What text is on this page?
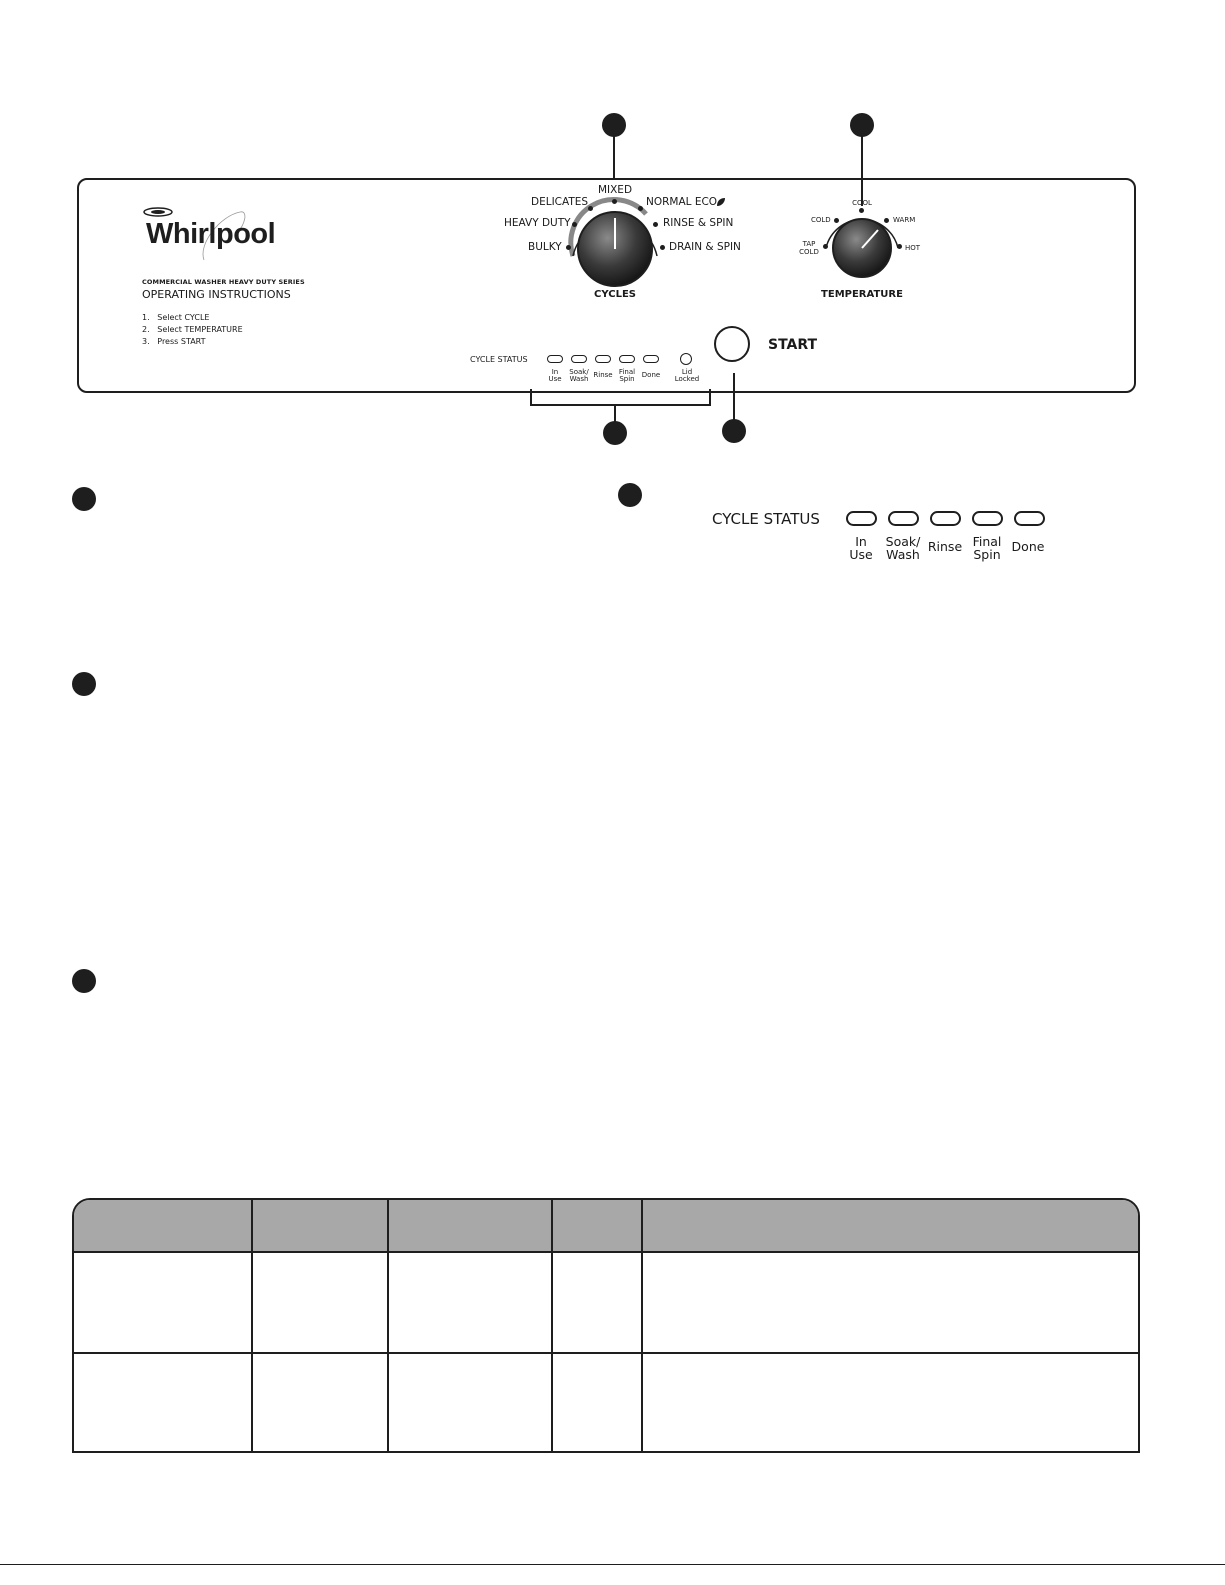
Whirlpool
COMMERCIAL WASHER HEAVY DUTY SERIES
OPERATING INSTRUCTIONS
1.   Select CYCLE
2.   Select TEMPERATURE
3.   Press START
MIXED
DELICATES	NORMAL ECO
HEAVY DUTY	RINSE & SPIN
BULKY	DRAIN & SPIN
CYCLES
COOL
COLD	WARM
TAP
COLD	HOT
TEMPERATURE
CYCLE STATUS
In
Use
Soak/
Wash
Rinse Final
Spin
Done	Lid
Locked
START
CYCLE STATUS
In
Use
Soak/
Wash
Rinse Final
Spin
Done
